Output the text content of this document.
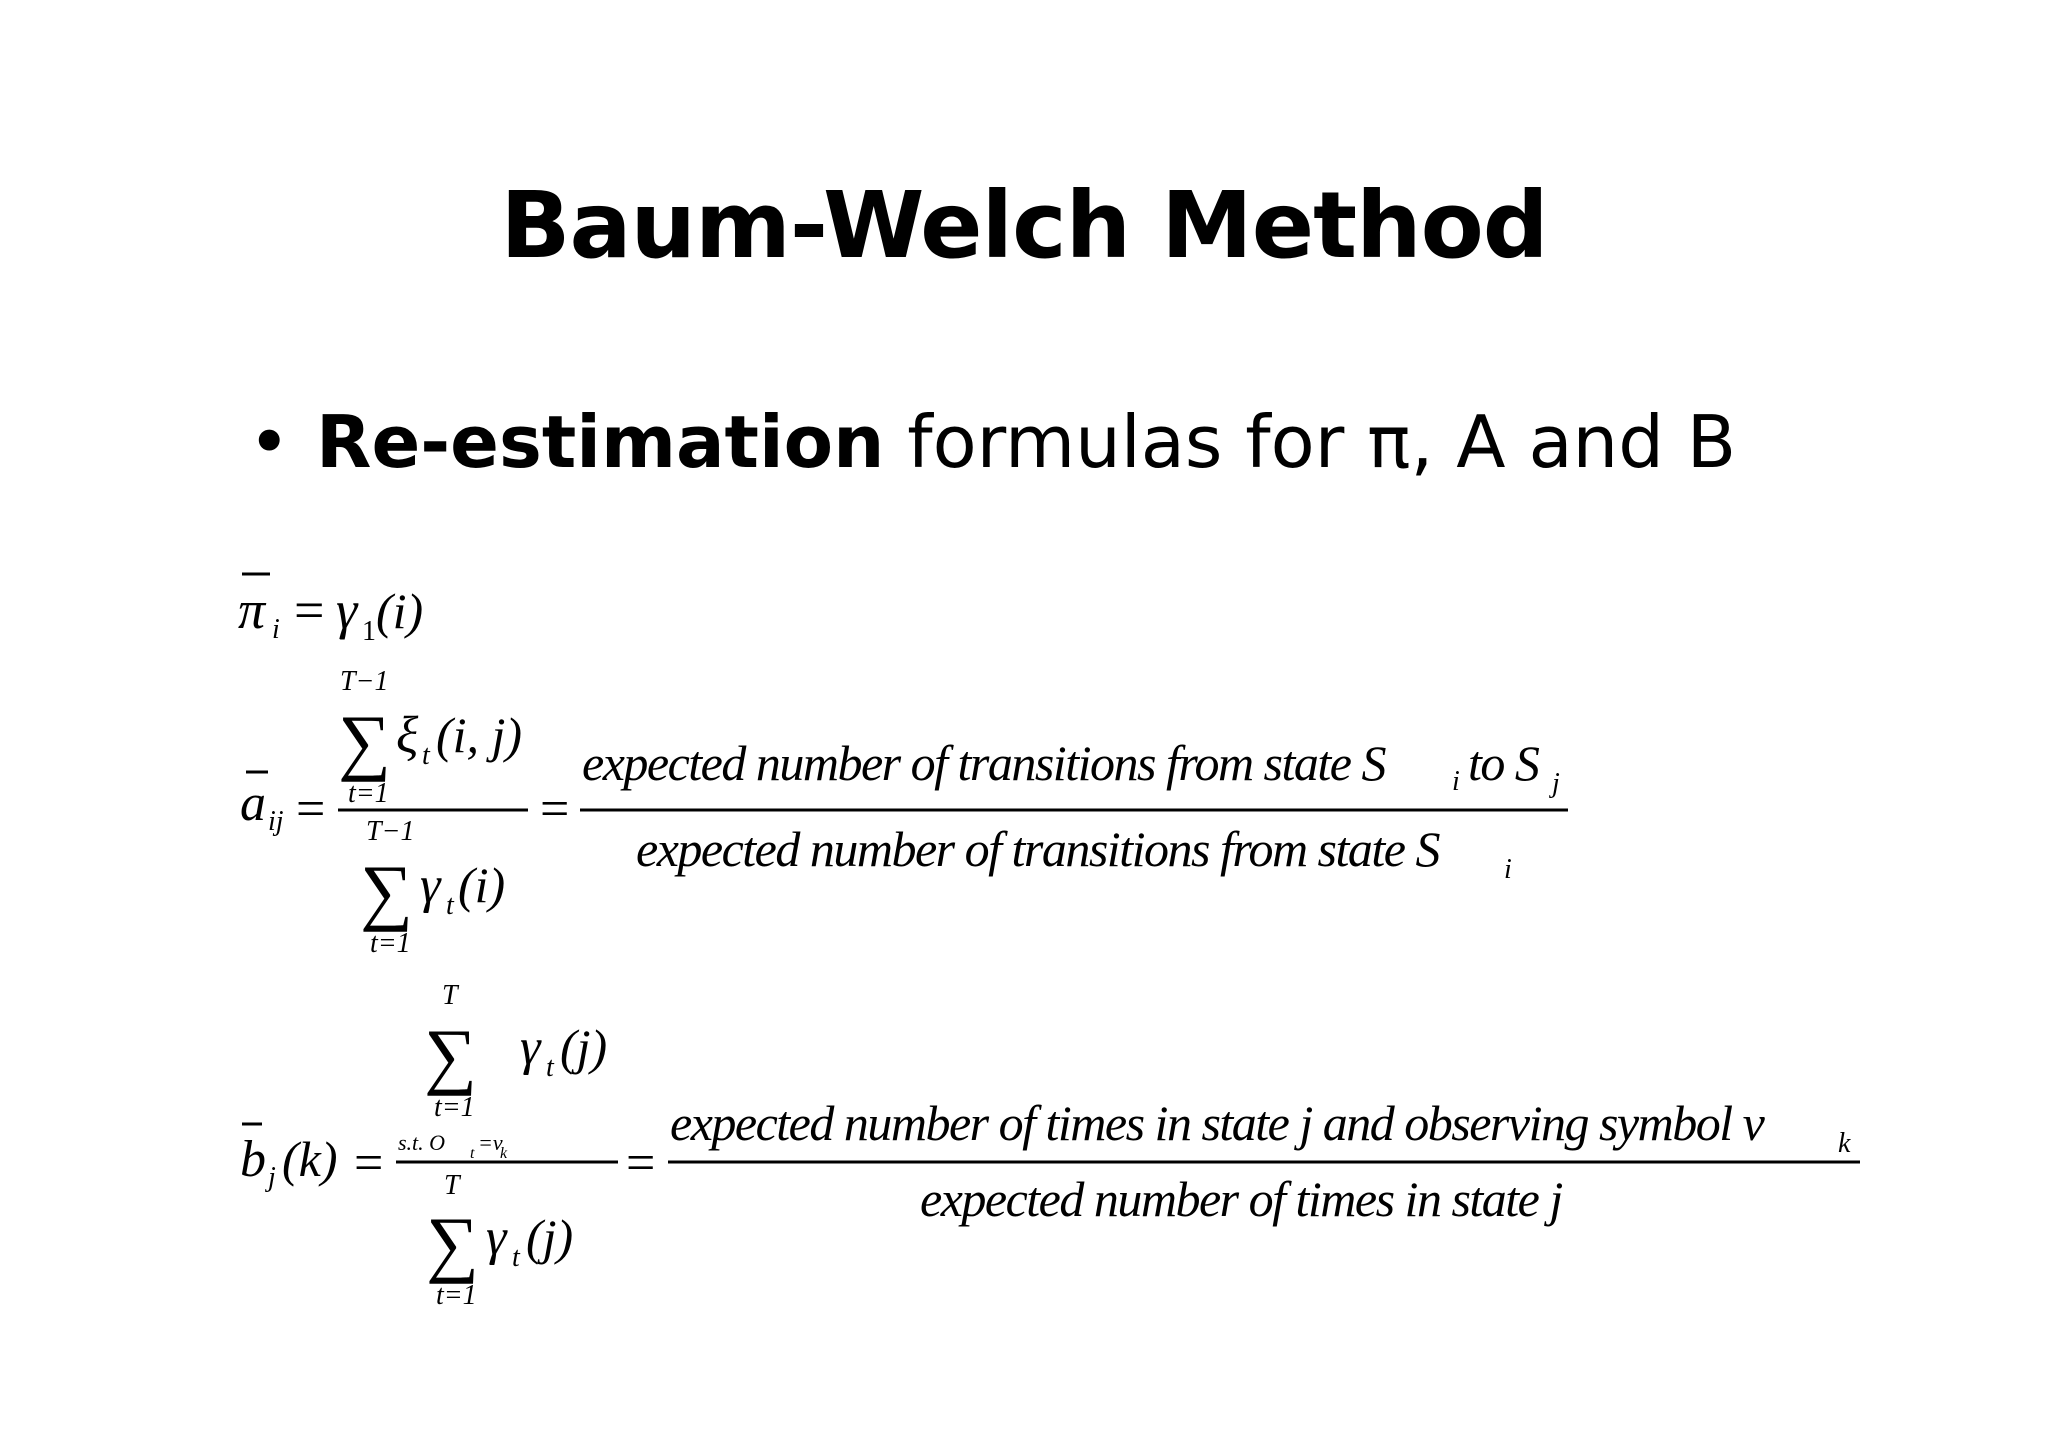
Baum-Welch Method
• Re-estimation formulas for π, A and B
π i = γ 1 (i)
a ij =
T−1
∑
t=1
ξ t (i, j)
T−1
∑
t=1
γ t (i)
=
expected number of transitions from state S i to S j
expected number of transitions from state S i
b j (k) =
T
∑
t=1
s.t. O t =v
k
γ t (j)
T
∑
t=1
γ t (j)
=
expected number of times in state j and observing symbol v	k
expected number of times in state j
